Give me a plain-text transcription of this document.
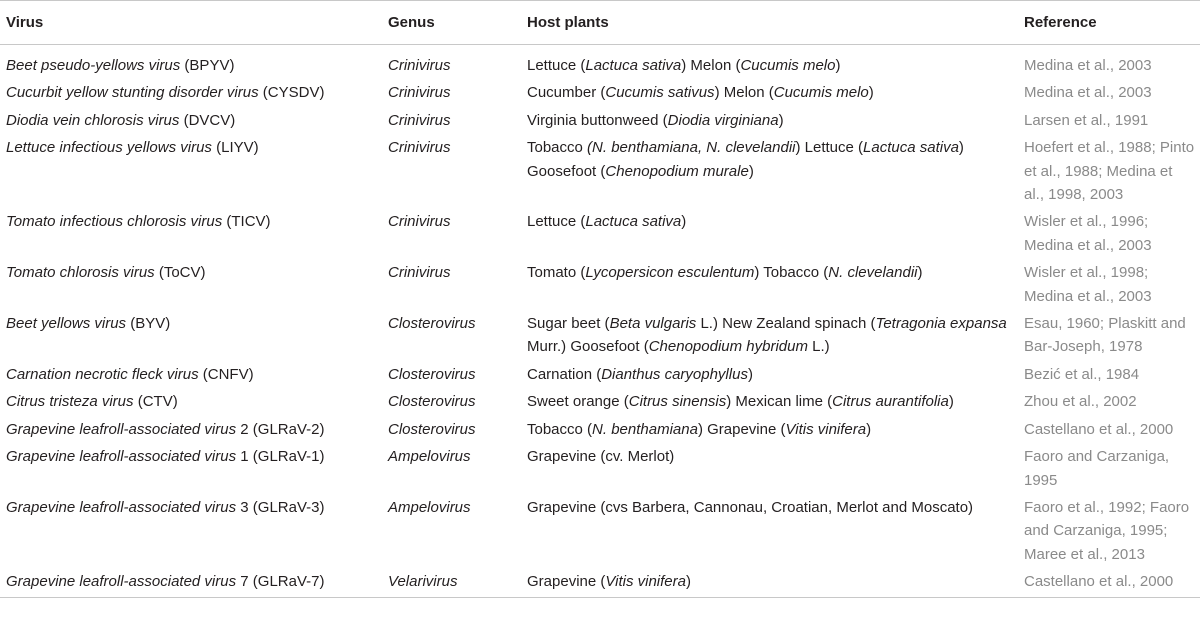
Virus	Genus	Host plants	Reference
Beet pseudo-yellows virus (BPYV)	Crinivirus	Lettuce (Lactuca sativa) Melon (Cucumis melo)	Medina et al., 2003
Cucurbit yellow stunting disorder virus (CYSDV)	Crinivirus	Cucumber (Cucumis sativus) Melon (Cucumis melo)	Medina et al., 2003
Diodia vein chlorosis virus (DVCV)	Crinivirus	Virginia buttonweed (Diodia virginiana)	Larsen et al., 1991
Lettuce infectious yellows virus (LIYV)	Crinivirus	Tobacco (N. benthamiana, N. clevelandii) Lettuce (Lactuca sativa) Goosefoot (Chenopodium murale)	Hoefert et al., 1988; Pinto et al., 1988; Medina et al., 1998, 2003
Tomato infectious chlorosis virus (TICV)	Crinivirus	Lettuce (Lactuca sativa)	Wisler et al., 1996; Medina et al., 2003
Tomato chlorosis virus (ToCV)	Crinivirus	Tomato (Lycopersicon esculentum) Tobacco (N. clevelandii)	Wisler et al., 1998; Medina et al., 2003
Beet yellows virus (BYV)	Closterovirus	Sugar beet (Beta vulgaris L.) New Zealand spinach (Tetragonia expansa Murr.) Goosefoot (Chenopodium hybridum L.)	Esau, 1960; Plaskitt and Bar-Joseph, 1978
Carnation necrotic fleck virus (CNFV)	Closterovirus	Carnation (Dianthus caryophyllus)	Bezić et al., 1984
Citrus tristeza virus (CTV)	Closterovirus	Sweet orange (Citrus sinensis) Mexican lime (Citrus aurantifolia)	Zhou et al., 2002
Grapevine leafroll-associated virus 2 (GLRaV-2)	Closterovirus	Tobacco (N. benthamiana) Grapevine (Vitis vinifera)	Castellano et al., 2000
Grapevine leafroll-associated virus 1 (GLRaV-1)	Ampelovirus	Grapevine (cv. Merlot)	Faoro and Carzaniga, 1995
Grapevine leafroll-associated virus 3 (GLRaV-3)	Ampelovirus	Grapevine (cvs Barbera, Cannonau, Croatian, Merlot and Moscato)	Faoro et al., 1992; Faoro and Carzaniga, 1995; Maree et al., 2013
Grapevine leafroll-associated virus 7 (GLRaV-7)	Velarivirus	Grapevine (Vitis vinifera)	Castellano et al., 2000
